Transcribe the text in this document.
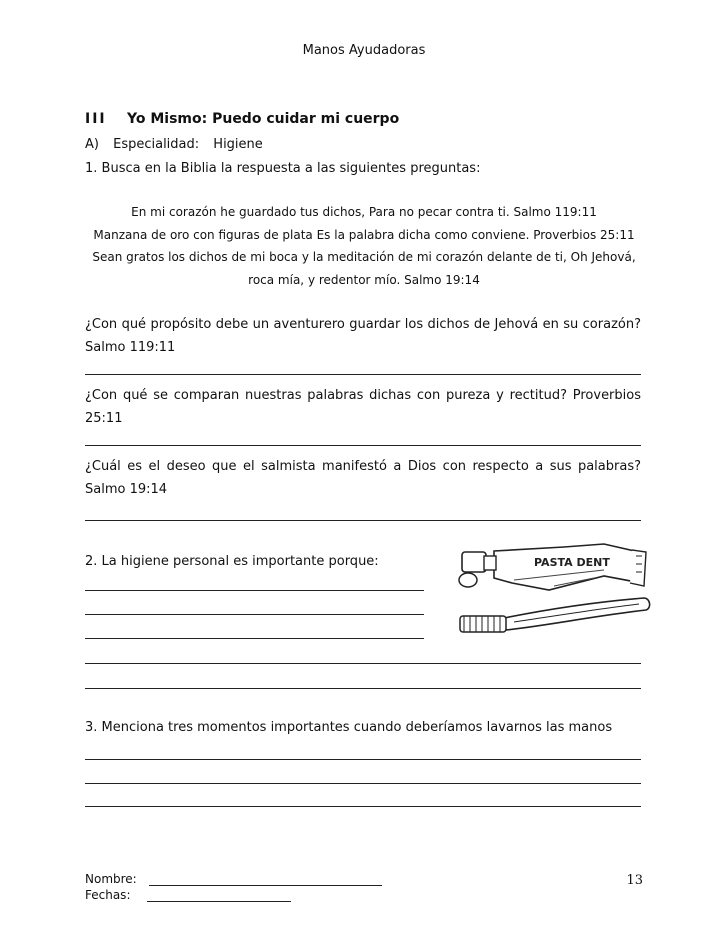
Manos Ayudadoras
III Yo Mismo: Puedo cuidar mi cuerpo
A) Especialidad: Higiene
1. Busca en la Biblia la respuesta a las siguientes preguntas:
En mi corazón he guardado tus dichos, Para no pecar contra ti. Salmo 119:11
Manzana de oro con figuras de plata Es la palabra dicha como conviene. Proverbios 25:11
Sean gratos los dichos de mi boca y la meditación de mi corazón delante de ti, Oh Jehová,
roca mía, y redentor mío. Salmo 19:14
¿Con qué propósito debe un aventurero guardar los dichos de Jehová en su corazón? Salmo 119:11
¿Con qué se comparan nuestras palabras dichas con pureza y rectitud? Proverbios 25:11
¿Cuál es el deseo que el salmista manifestó a Dios con respecto a sus palabras? Salmo 19:14
2. La higiene personal es importante porque:	PASTA DENT
3. Menciona tres momentos importantes cuando deberíamos lavarnos las manos
Nombre:
Fechas:
13
